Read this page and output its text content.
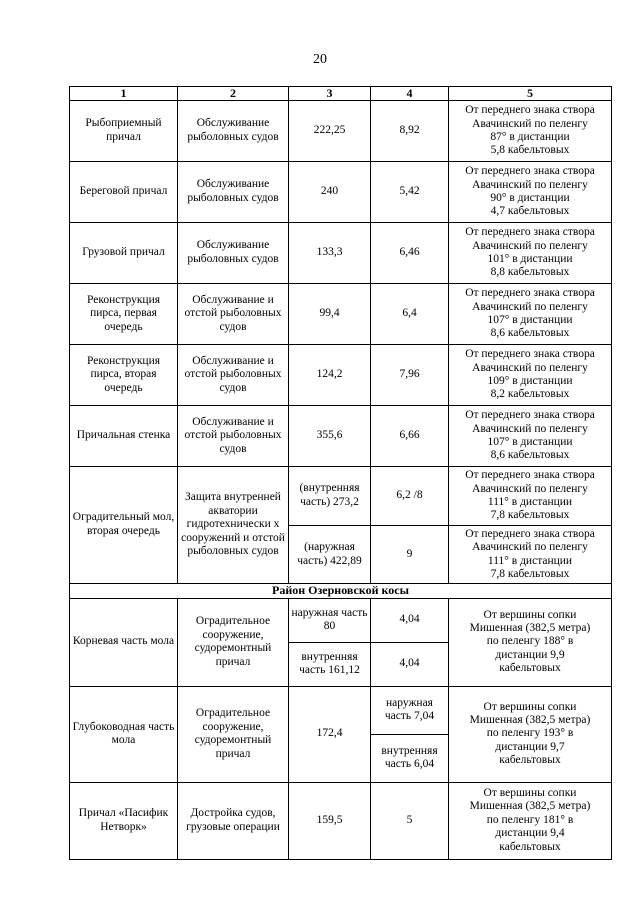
20
1	2	3	4	5
Рыбоприемный причал	Обслуживание рыболовных судов	222,25	8,92	От переднего знака створа
Авачинский по пеленгу
87° в дистанции
5,8 кабельтовых

Береговой причал	Обслуживание рыболовных судов	240	5,42	От переднего знака створа
Авачинский по пеленгу
90° в дистанции
4,7 кабельтовых

Грузовой причал	Обслуживание рыболовных судов	133,3	6,46	От переднего знака створа
Авачинский по пеленгу
101° в дистанции
8,8 кабельтовых

Реконструкция пирса, первая очередь	Обслуживание и отстой рыболовных судов	99,4	6,4	От переднего знака створа
Авачинский по пеленгу
107° в дистанции
8,6 кабельтовых

Реконструкция пирса, вторая очередь	Обслуживание и отстой рыболовных судов	124,2	7,96	От переднего знака створа
Авачинский по пеленгу
109° в дистанции
8,2 кабельтовых

Причальная стенка	Обслуживание и отстой рыболовных судов	355,6	6,66	От переднего знака створа
Авачинский по пеленгу
107° в дистанции
8,6 кабельтовых

Оградительный мол, вторая очередь	Защита внутренней акватории гидротехнически х сооружений и отстой рыболовных судов	(внутренняя часть) 273,2	6,2 /8	От переднего знака створа
Авачинский по пеленгу
111° в дистанции
7,8 кабельтовых

		(наружная часть) 422,89	9	От переднего знака створа
Авачинский по пеленгу
111° в дистанции
7,8 кабельтовых

Район Озерновской косы				
Корневая часть мола	Оградительное сооружение, судоремонтный причал	наружная часть 80	4,04	От вершины сопки
Мишенная (382,5 метра)
по пеленгу 188° в
дистанции 9,9
кабельтовых

		внутренняя часть 161,12	4,04	
Глубоководная часть мола	Оградительное сооружение, судоремонтный причал	172,4	наружная часть 7,04	От вершины сопки
Мишенная (382,5 метра)
по пеленгу 193° в
дистанции 9,7
кабельтовых

			внутренняя часть 6,04	
Причал «Пасифик Нетворк»	Достройка судов, грузовые операции	159,5	5	От вершины сопки
Мишенная (382,5 метра)
по пеленгу 181° в
дистанции 9,4
кабельтовых
